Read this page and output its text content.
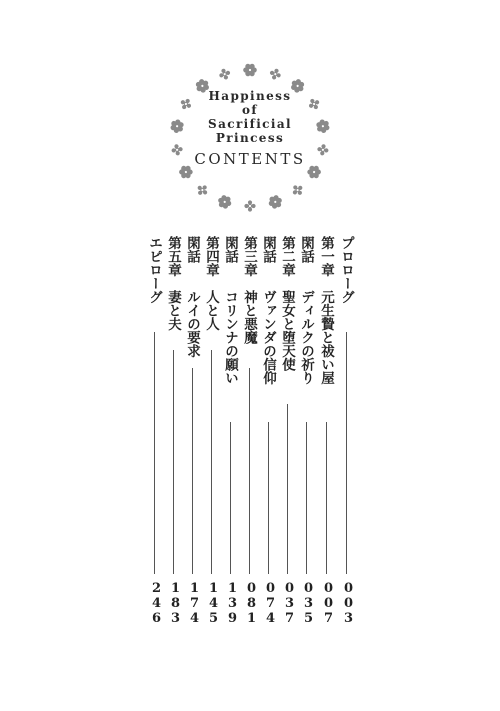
Happiness
of
Sacrificial
Princess
CONTENTS
プロローグ
003
第一章
元生贄と祓い屋
007
閑話
ディルクの祈り
035
第二章
聖女と堕天使
037
閑話
ヴァンダの信仰
074
第三章
神と悪魔
081
閑話
コリンナの願い
139
第四章
人と人
145
閑話
ルイの要求
174
第五章
妻と夫
183
エピローグ
246
